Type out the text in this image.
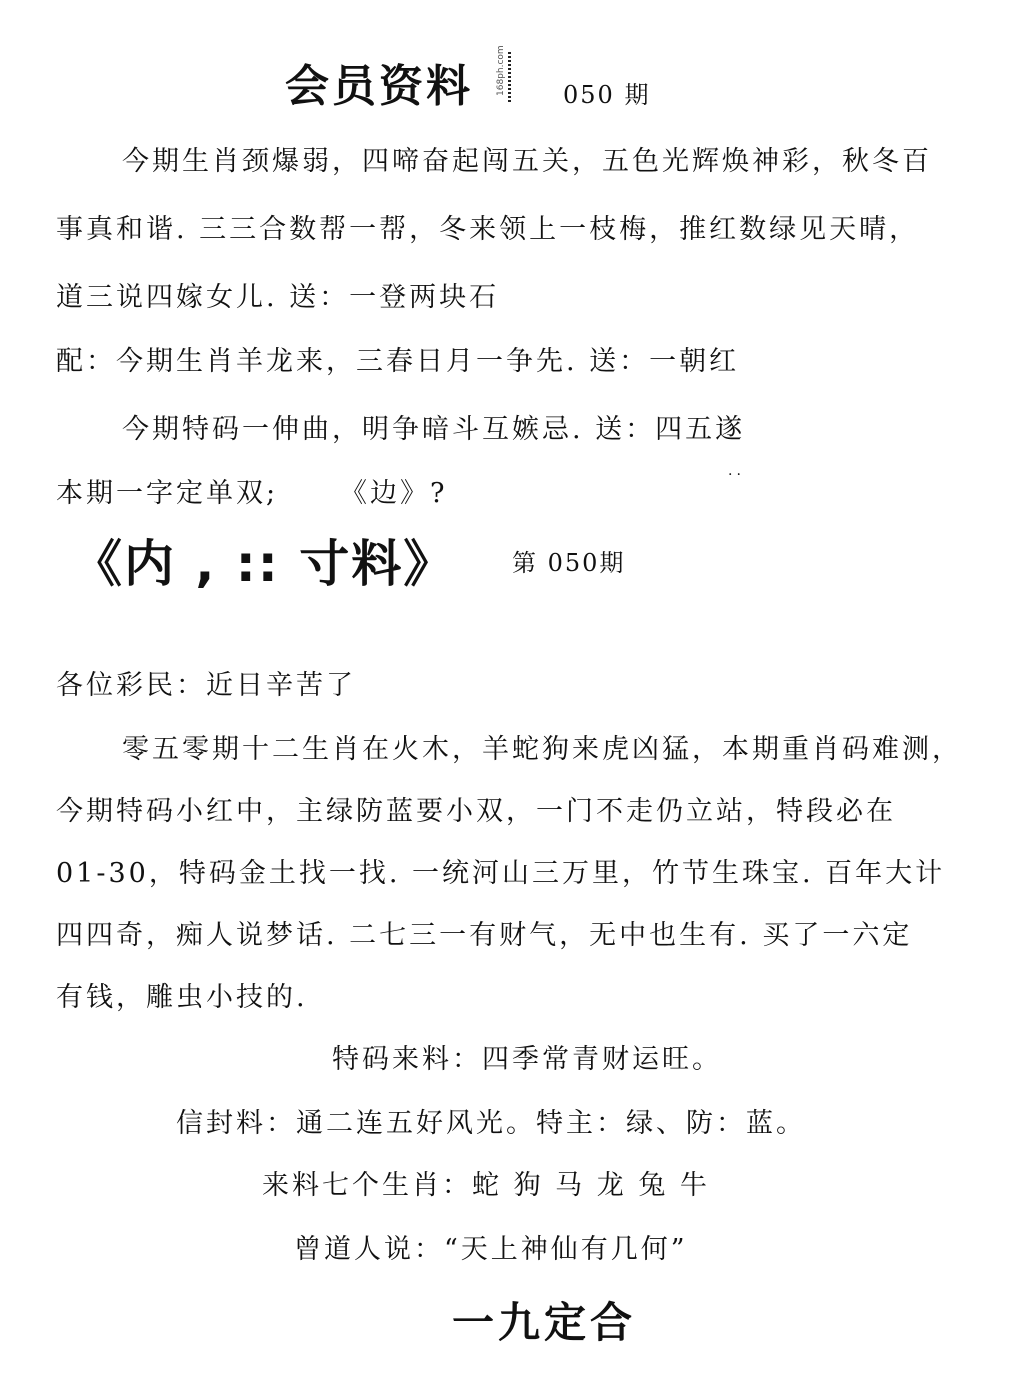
会员资料	168ph.com 050 期
今期生肖颈爆弱，四啼奋起闯五关，五色光辉焕神彩，秋冬百
事真和谐. 三三合数帮一帮，冬来领上一枝梅，推红数绿见天晴，
道三说四嫁女儿. 送：一登两块石
配：今期生肖羊龙来，三春日月一争先. 送：一朝红
今期特码一伸曲，明争暗斗互嫉忌. 送：四五遂
..
本期一字定单双; 《边》?
《内 , :: 寸料》 第 050期
各位彩民：近日辛苦了
零五零期十二生肖在火木，羊蛇狗来虎凶猛，本期重肖码难测，
今期特码小红中，主绿防蓝要小双，一门不走仍立站，特段必在
01-30，特码金土找一找. 一统河山三万里，竹节生珠宝. 百年大计
四四奇，痴人说梦话. 二七三一有财气，无中也生有. 买了一六定
有钱，雕虫小技的.
特码来料：四季常青财运旺。
信封料：通二连五好风光。特主：绿、防：蓝。
来料七个生肖：蛇 狗 马 龙 兔 牛
曾道人说：“天上神仙有几何”
一九定合
